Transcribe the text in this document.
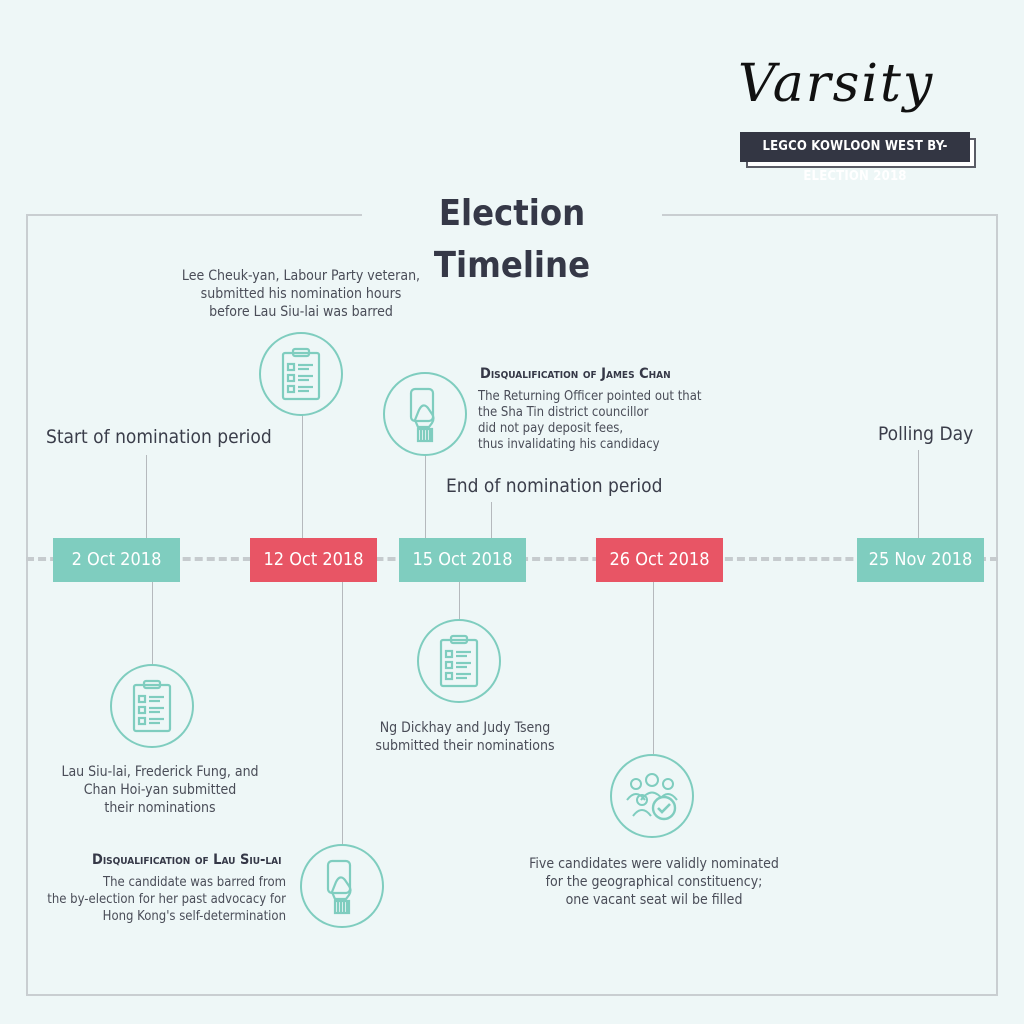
Varsity
LEGCO KOWLOON WEST BY-ELECTION 2018
Election Timeline
2 Oct 2018	12 Oct 2018	15 Oct 2018	26 Oct 2018	25 Nov 2018
Start of nomination period
End of nomination period
Polling Day
Lee Cheuk-yan, Labour Party veteran,
submitted his nomination hours
before Lau Siu-lai was barred
Disqualification of James Chan
The Returning Officer pointed out that
the Sha Tin district councillor
did not pay deposit fees,
thus invalidating his candidacy
Lau Siu-lai, Frederick Fung, and
Chan Hoi-yan submitted
their nominations
Ng Dickhay and Judy Tseng
submitted their nominations
Disqualification of Lau Siu-lai
The candidate was barred from
the by-election for her past advocacy for
Hong Kong's self-determination
Five candidates were validly nominated
for the geographical constituency;
one vacant seat wil be filled
